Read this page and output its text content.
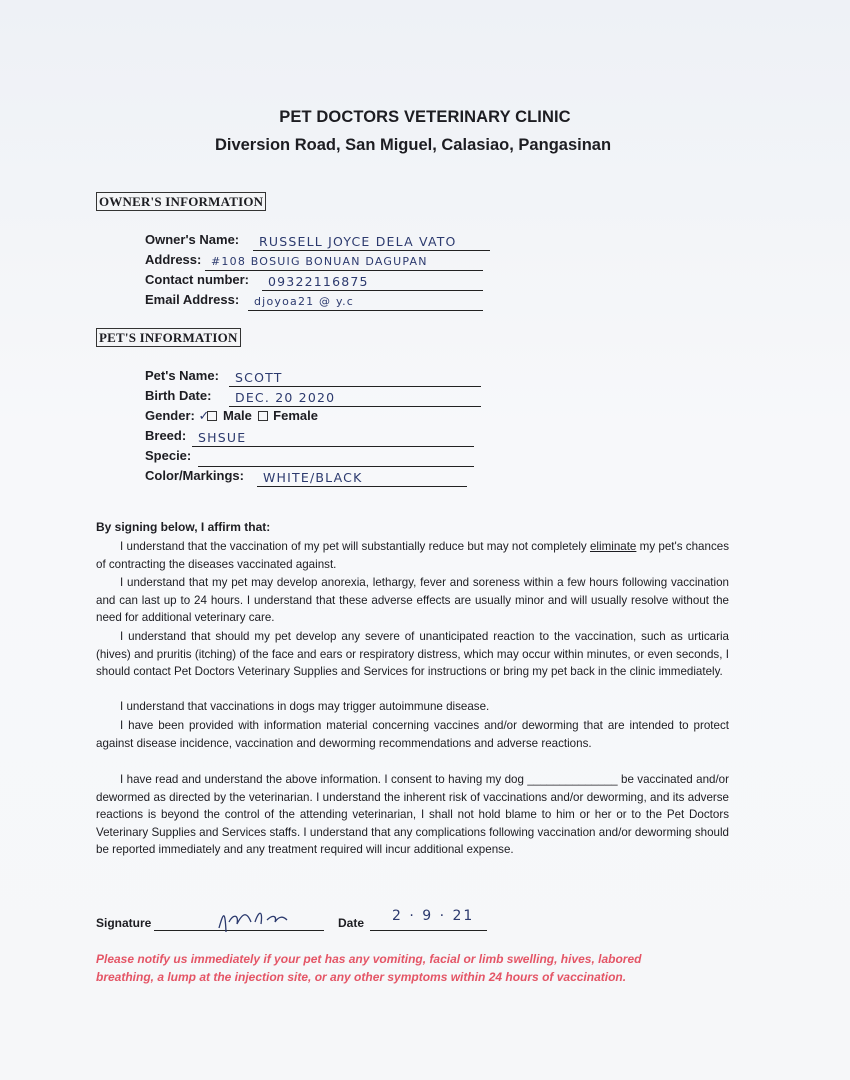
PET DOCTORS VETERINARY CLINIC
Diversion Road, San Miguel, Calasiao, Pangasinan
OWNER'S INFORMATION
Owner's Name:	RUSSELL JOYCE DELA VATO
Address: #108 BOSUIG BONUAN DAGUPAN
Contact number:	09322116875
Email Address:	djoyoa21 @ y.c
PET'S INFORMATION
Pet's Name:	SCOTT
Birth Date:	DEC. 20 2020
Gender: ✓ Male Female
Breed: SHSUE
Specie:
Color/Markings:	WHITE/BLACK
By signing below, I affirm that:
I understand that the vaccination of my pet will substantially reduce but may not completely eliminate my pet's chances of contracting the diseases vaccinated against.
I understand that my pet may develop anorexia, lethargy, fever and soreness within a few hours following vaccination and can last up to 24 hours. I understand that these adverse effects are usually minor and will usually resolve without the need for additional veterinary care.
I understand that should my pet develop any severe of unanticipated reaction to the vaccination, such as urticaria (hives) and pruritis (itching) of the face and ears or respiratory distress, which may occur within minutes, or even seconds, I should contact Pet Doctors Veterinary Supplies and Services for instructions or bring my pet back in the clinic immediately.
I understand that vaccinations in dogs may trigger autoimmune disease.
I have been provided with information material concerning vaccines and/or deworming that are intended to protect against disease incidence, vaccination and deworming recommendations and adverse reactions.
I have read and understand the above information. I consent to having my dog ______________ be vaccinated and/or dewormed as directed by the veterinarian. I understand the inherent risk of vaccinations and/or deworming, and its adverse reactions is beyond the control of the attending veterinarian, I shall not hold blame to him or her or to the Pet Doctors Veterinary Supplies and Services staffs. I understand that any complications following vaccination and/or deworming should be reported immediately and any treatment required will incur additional expense.
Signature	Date 2 · 9 · 21
Please notify us immediately if your pet has any vomiting, facial or limb swelling, hives, labored breathing, a lump at the injection site, or any other symptoms within 24 hours of vaccination.
